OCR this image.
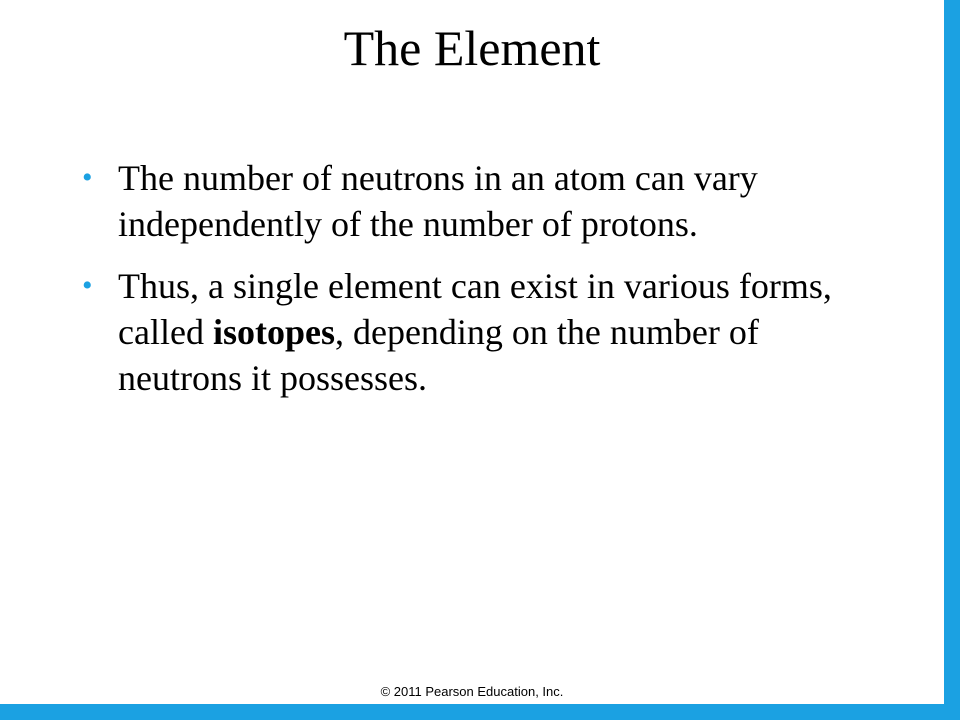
The Element
• The number of neutrons in an atom can vary independently of the number of protons.
• Thus, a single element can exist in various forms, called isotopes, depending on the number of neutrons it possesses.
© 2011 Pearson Education, Inc.
